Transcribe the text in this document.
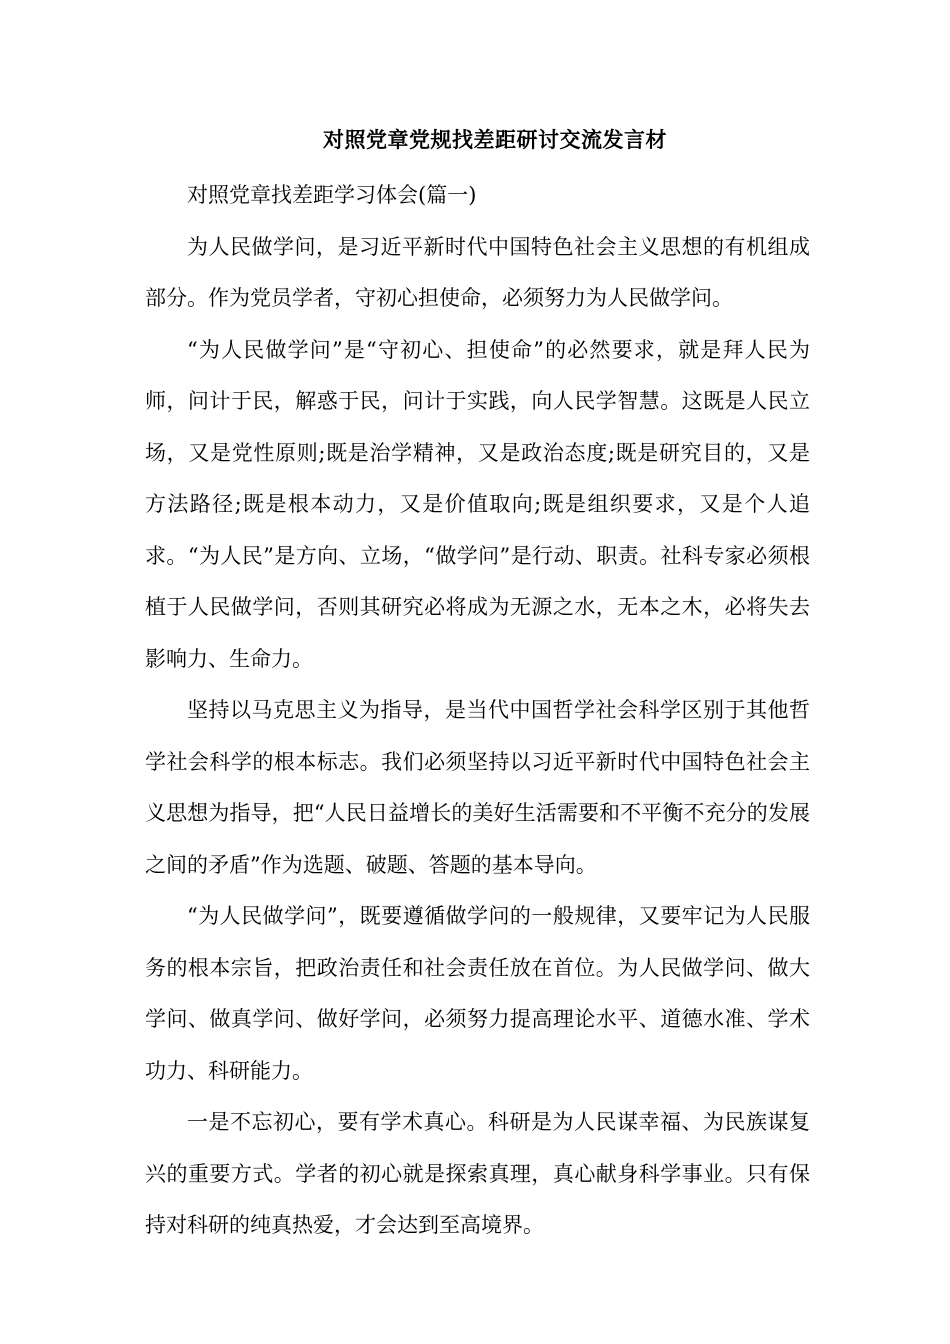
对照党章党规找差距研讨交流发言材

对照党章找差距学习体会(篇一)

为人民做学问，是习近平新时代中国特色社会主义思想的有机组成部分。作为党员学者，守初心担使命，必须努力为人民做学问。

“为人民做学问”是“守初心、担使命”的必然要求，就是拜人民为师，问计于民，解惑于民，问计于实践，向人民学智慧。这既是人民立场，又是党性原则;既是治学精神，又是政治态度;既是研究目的，又是方法路径;既是根本动力，又是价值取向;既是组织要求，又是个人追求。“为人民”是方向、立场，“做学问”是行动、职责。社科专家必须根植于人民做学问，否则其研究必将成为无源之水，无本之木，必将失去影响力、生命力。

坚持以马克思主义为指导，是当代中国哲学社会科学区别于其他哲学社会科学的根本标志。我们必须坚持以习近平新时代中国特色社会主义思想为指导，把“人民日益增长的美好生活需要和不平衡不充分的发展之间的矛盾”作为选题、破题、答题的基本导向。

“为人民做学问”，既要遵循做学问的一般规律，又要牢记为人民服务的根本宗旨，把政治责任和社会责任放在首位。为人民做学问、做大学问、做真学问、做好学问，必须努力提高理论水平、道德水准、学术功力、科研能力。

一是不忘初心，要有学术真心。科研是为人民谋幸福、为民族谋复兴的重要方式。学者的初心就是探索真理，真心献身科学事业。只有保持对科研的纯真热爱，才会达到至高境界。
